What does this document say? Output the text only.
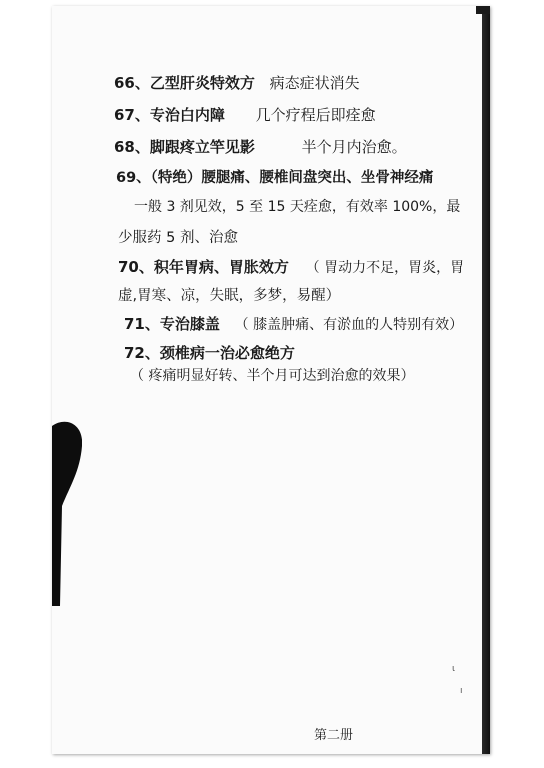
66、乙型肝炎特效方 病态症状消失
67、专治白内障 几个疗程后即痊愈
68、脚跟疼立竿见影	半个月内治愈。
69、（特绝）腰腿痛、腰椎间盘突出、坐骨神经痛
一般 3 剂见效，5 至 15 天痊愈，有效率 100%，最
少服药 5 剂、治愈
70、积年胃病、胃胀效方 （ 胃动力不足，胃炎，胃
虚,胃寒、凉，失眠，多梦，易醒）
71、专治膝盖 （ 膝盖肿痛、有淤血的人特别有效）
72、颈椎病一治必愈绝方
（ 疼痛明显好转、半个月可达到治愈的效果）
ɩ
ı
第二册
